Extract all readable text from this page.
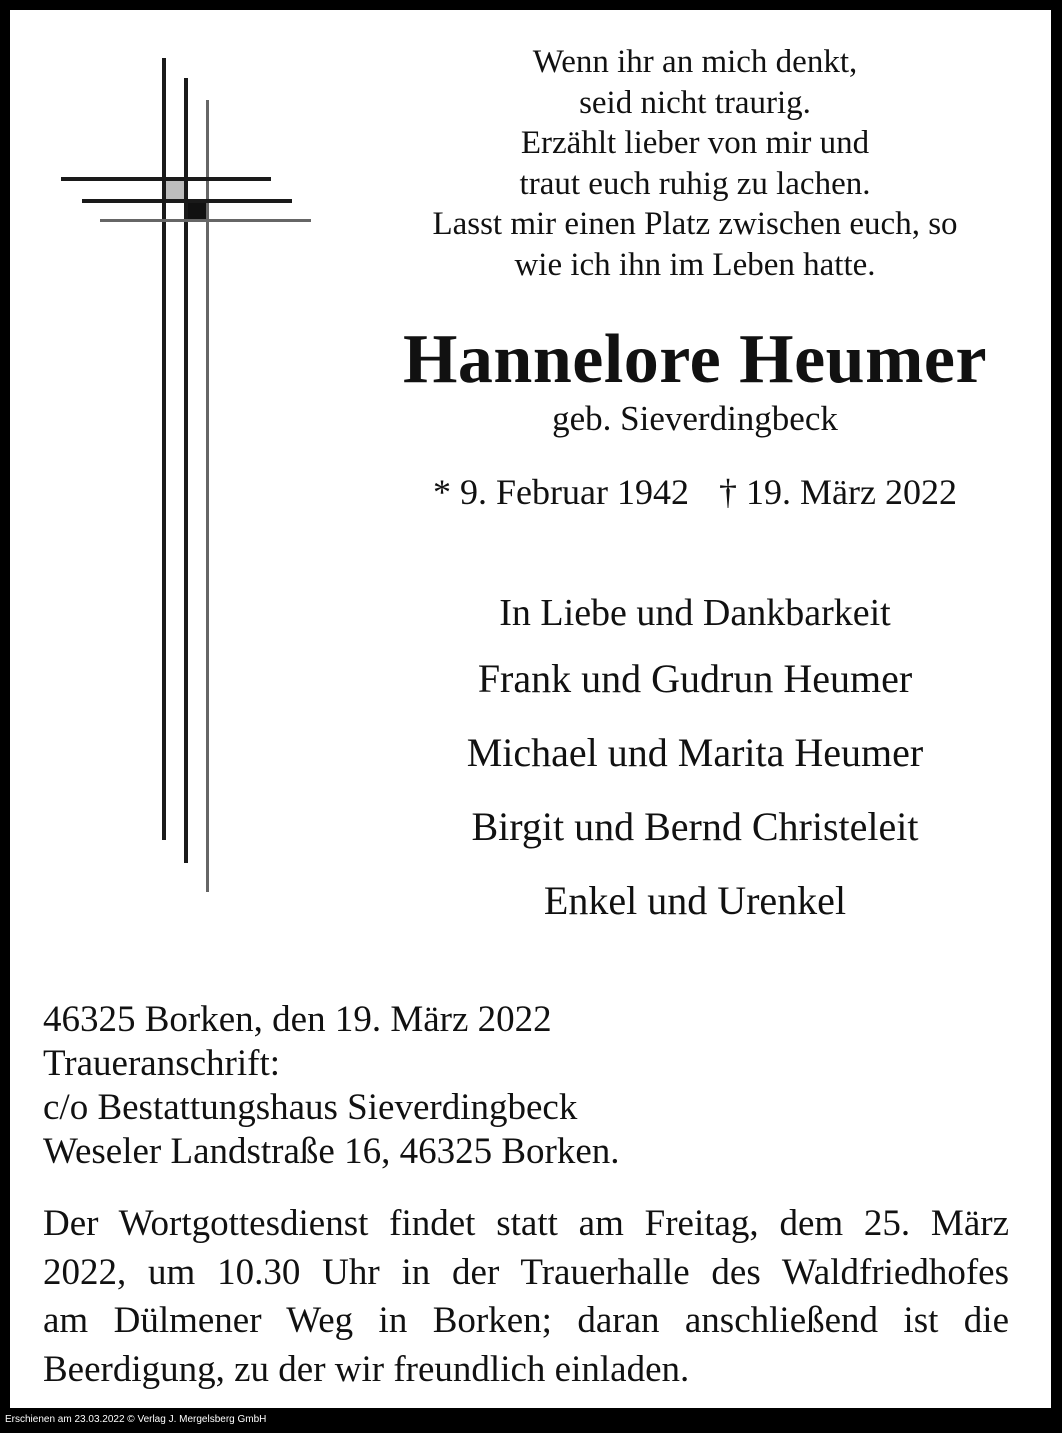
Wenn ihr an mich denkt,
seid nicht traurig.
Erzählt lieber von mir und
traut euch ruhig zu lachen.
Lasst mir einen Platz zwischen euch, so
wie ich ihn im Leben hatte.
Hannelore Heumer
geb. Sieverdingbeck
* 9. Februar 1942 † 19. März 2022
In Liebe und Dankbarkeit
Frank und Gudrun Heumer
Michael und Marita Heumer
Birgit und Bernd Christeleit
Enkel und Urenkel
46325 Borken, den 19. März 2022
Traueranschrift:
c/o Bestattungshaus Sieverdingbeck
Weseler Landstraße 16, 46325 Borken.
Der Wortgottesdienst findet statt am Freitag, dem 25. März
2022, um 10.30 Uhr in der Trauerhalle des Waldfriedhofes
am Dülmener Weg in Borken; daran anschließend ist die
Beerdigung, zu der wir freundlich einladen.
Erschienen am 23.03.2022 © Verlag J. Mergelsberg GmbH
